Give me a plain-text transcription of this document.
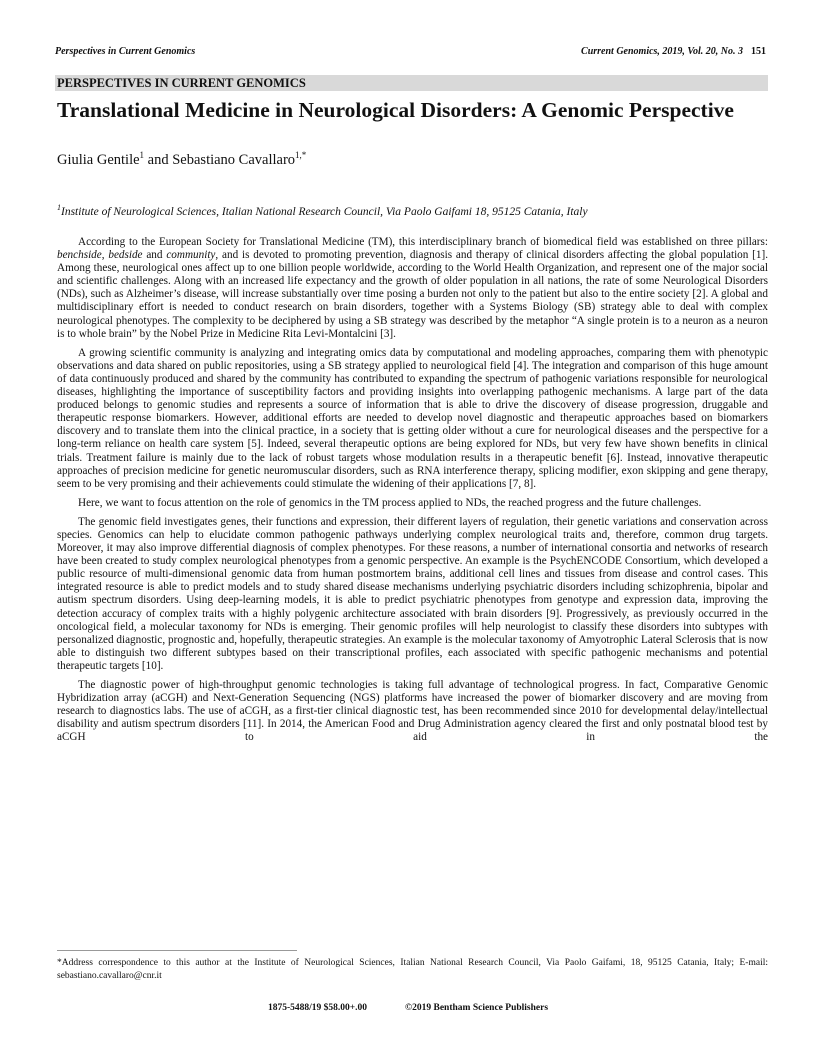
Perspectives in Current Genomics	Current Genomics, 2019, Vol. 20, No. 3 151
PERSPECTIVES IN CURRENT GENOMICS
Translational Medicine in Neurological Disorders: A Genomic Perspective
Giulia Gentile$^1$ and Sebastiano Cavallaro$^{1,*}$
$^1$Institute of Neurological Sciences, Italian National Research Council, Via Paolo Gaifami 18, 95125 Catania, Italy

According to the European Society for Translational Medicine (TM), this interdisciplinary branch of biomedical field was established on three pillars: benchside, bedside and community, and is devoted to promoting prevention, diagnosis and therapy of clinical disorders affecting the global population [1]. Among these, neurological ones affect up to one billion people worldwide, according to the World Health Organization, and represent one of the major social and scientific challenges. Along with an increased life expectancy and the growth of older population in all nations, the rate of some Neurological Disorders (NDs), such as Alzheimer’s disease, will increase substantially over time posing a burden not only to the patient but also to the entire society [2]. A global and multidisciplinary effort is needed to conduct research on brain disorders, together with a Systems Biology (SB) strategy able to deal with complex neurological phenotypes. The complexity to be deciphered by using a SB strategy was described by the metaphor “A single protein is to a neuron as a neuron is to whole brain” by the Nobel Prize in Medicine Rita Levi-Montalcini [3].

A growing scientific community is analyzing and integrating omics data by computational and modeling approaches, comparing them with phenotypic observations and data shared on public repositories, using a SB strategy applied to neurological field [4]. The integration and comparison of this huge amount of data continuously produced and shared by the community has contributed to expanding the spectrum of pathogenic variations responsible for neurological diseases, highlighting the importance of susceptibility factors and providing insights into overlapping pathogenic mechanisms. A large part of the data produced belongs to genomic studies and represents a source of information that is able to drive the discovery of disease progression, druggable and therapeutic response biomarkers. However, additional efforts are needed to develop novel diagnostic and therapeutic approaches based on biomarkers discovery and to translate them into the clinical practice, in a society that is getting older without a cure for neurological diseases and the perspective for a long-term reliance on health care system [5]. Indeed, several therapeutic options are being explored for NDs, but very few have shown benefits in clinical trials. Treatment failure is mainly due to the lack of robust targets whose modulation results in a therapeutic benefit [6]. Instead, innovative therapeutic approaches of precision medicine for genetic neuromuscular disorders, such as RNA interference therapy, splicing modifier, exon skipping and gene therapy, seem to be very promising and their achievements could stimulate the widening of their applications [7, 8].

Here, we want to focus attention on the role of genomics in the TM process applied to NDs, the reached progress and the future challenges.

The genomic field investigates genes, their functions and expression, their different layers of regulation, their genetic variations and conservation across species. Genomics can help to elucidate common pathogenic pathways underlying complex neurological traits and, therefore, common drug targets. Moreover, it may also improve differential diagnosis of complex phenotypes. For these reasons, a number of international consortia and networks of research have been created to study complex neurological phenotypes from a genomic perspective. An example is the PsychENCODE Consortium, which developed a public resource of multi-dimensional genomic data from human postmortem brains, additional cell lines and tissues from disease and control cases. This integrated resource is able to predict models and to study shared disease mechanisms underlying psychiatric disorders including schizophrenia, bipolar and autism spectrum disorders. Using deep-learning models, it is able to predict psychiatric phenotypes from genotype and expression data, improving the detection accuracy of complex traits with a highly polygenic architecture associated with brain disorders [9]. Progressively, as previously occurred in the oncological field, a molecular taxonomy for NDs is emerging. Their genomic profiles will help neurologist to classify these disorders into subtypes with personalized diagnostic, prognostic and, hopefully, therapeutic strategies. An example is the molecular taxonomy of Amyotrophic Lateral Sclerosis that is now able to distinguish two different subtypes based on their transcriptional profiles, each associated with specific pathogenic mechanisms and potential therapeutic targets [10].

The diagnostic power of high-throughput genomic technologies is taking full advantage of technological progress. In fact, Comparative Genomic Hybridization array (aCGH) and Next-Generation Sequencing (NGS) platforms have increased the power of biomarker discovery and are moving from research to diagnostics labs. The use of aCGH, as a first-tier clinical diagnostic test, has been recommended since 2010 for developmental delay/intellectual disability and autism spectrum disorders [11]. In 2014, the American Food and Drug Administration agency cleared the first and only postnatal blood test by aCGH to aid in the

*Address correspondence to this author at the Institute of Neurological Sciences, Italian National Research Council, Via Paolo Gaifami, 18, 95125 Catania, Italy; E-mail: sebastiano.cavallaro@cnr.it
1875-5488/19 $58.00+.00	©2019 Bentham Science Publishers
